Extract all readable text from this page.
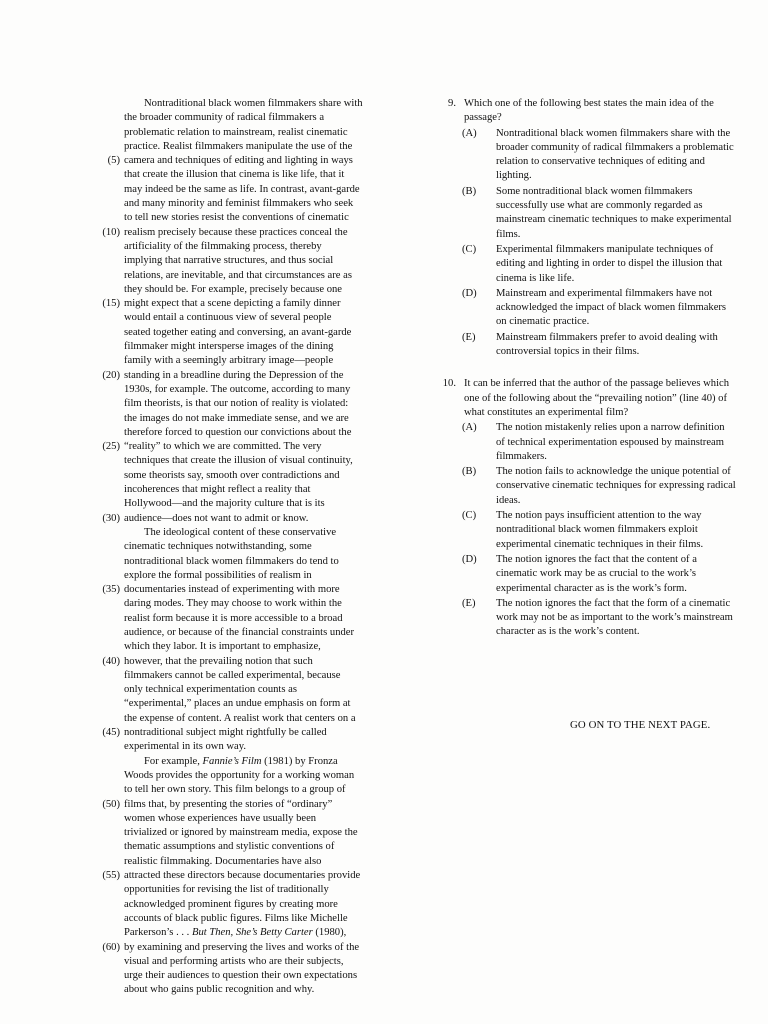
Nontraditional black women filmmakers share with
the broader community of radical filmmakers a
problematic relation to mainstream, realist cinematic
practice. Realist filmmakers manipulate the use of the
(5) camera and techniques of editing and lighting in ways
that create the illusion that cinema is like life, that it
may indeed be the same as life. In contrast, avant-garde
and many minority and feminist filmmakers who seek
to tell new stories resist the conventions of cinematic
(10) realism precisely because these practices conceal the
artificiality of the filmmaking process, thereby
implying that narrative structures, and thus social
relations, are inevitable, and that circumstances are as
they should be. For example, precisely because one
(15) might expect that a scene depicting a family dinner
would entail a continuous view of several people
seated together eating and conversing, an avant-garde
filmmaker might intersperse images of the dining
family with a seemingly arbitrary image—people
(20) standing in a breadline during the Depression of the
1930s, for example. The outcome, according to many
film theorists, is that our notion of reality is violated:
the images do not make immediate sense, and we are
therefore forced to question our convictions about the
(25) “reality” to which we are committed. The very
techniques that create the illusion of visual continuity,
some theorists say, smooth over contradictions and
incoherences that might reflect a reality that
Hollywood—and the majority culture that is its
(30) audience—does not want to admit or know.
The ideological content of these conservative
cinematic techniques notwithstanding, some
nontraditional black women filmmakers do tend to
explore the formal possibilities of realism in
(35) documentaries instead of experimenting with more
daring modes. They may choose to work within the
realist form because it is more accessible to a broad
audience, or because of the financial constraints under
which they labor. It is important to emphasize,
(40) however, that the prevailing notion that such
filmmakers cannot be called experimental, because
only technical experimentation counts as
“experimental,” places an undue emphasis on form at
the expense of content. A realist work that centers on a
(45) nontraditional subject might rightfully be called
experimental in its own way.
For example, Fannie’s Film (1981) by Fronza
Woods provides the opportunity for a working woman
to tell her own story. This film belongs to a group of
(50) films that, by presenting the stories of “ordinary”
women whose experiences have usually been
trivialized or ignored by mainstream media, expose the
thematic assumptions and stylistic conventions of
realistic filmmaking. Documentaries have also
(55) attracted these directors because documentaries provide
opportunities for revising the list of traditionally
acknowledged prominent figures by creating more
accounts of black public figures. Films like Michelle
Parkerson’s . . . But Then, She’s Betty Carter (1980),
(60) by examining and preserving the lives and works of the
visual and performing artists who are their subjects,
urge their audiences to question their own expectations
about who gains public recognition and why.
9. Which one of the following best states the main idea of the passage?
(A) Nontraditional black women filmmakers share with the broader community of radical filmmakers a problematic relation to conservative techniques of editing and lighting.
(B) Some nontraditional black women filmmakers successfully use what are commonly regarded as mainstream cinematic techniques to make experimental films.
(C) Experimental filmmakers manipulate techniques of editing and lighting in order to dispel the illusion that cinema is like life.
(D) Mainstream and experimental filmmakers have not acknowledged the impact of black women filmmakers on cinematic practice.
(E) Mainstream filmmakers prefer to avoid dealing with controversial topics in their films.
10. It can be inferred that the author of the passage believes which one of the following about the “prevailing notion” (line 40) of what constitutes an experimental film?
(A) The notion mistakenly relies upon a narrow definition of technical experimentation espoused by mainstream filmmakers.
(B) The notion fails to acknowledge the unique potential of conservative cinematic techniques for expressing radical ideas.
(C) The notion pays insufficient attention to the way nontraditional black women filmmakers exploit experimental cinematic techniques in their films.
(D) The notion ignores the fact that the content of a cinematic work may be as crucial to the work’s experimental character as is the work’s form.
(E) The notion ignores the fact that the form of a cinematic work may not be as important to the work’s mainstream character as is the work’s content.
GO ON TO THE NEXT PAGE.
